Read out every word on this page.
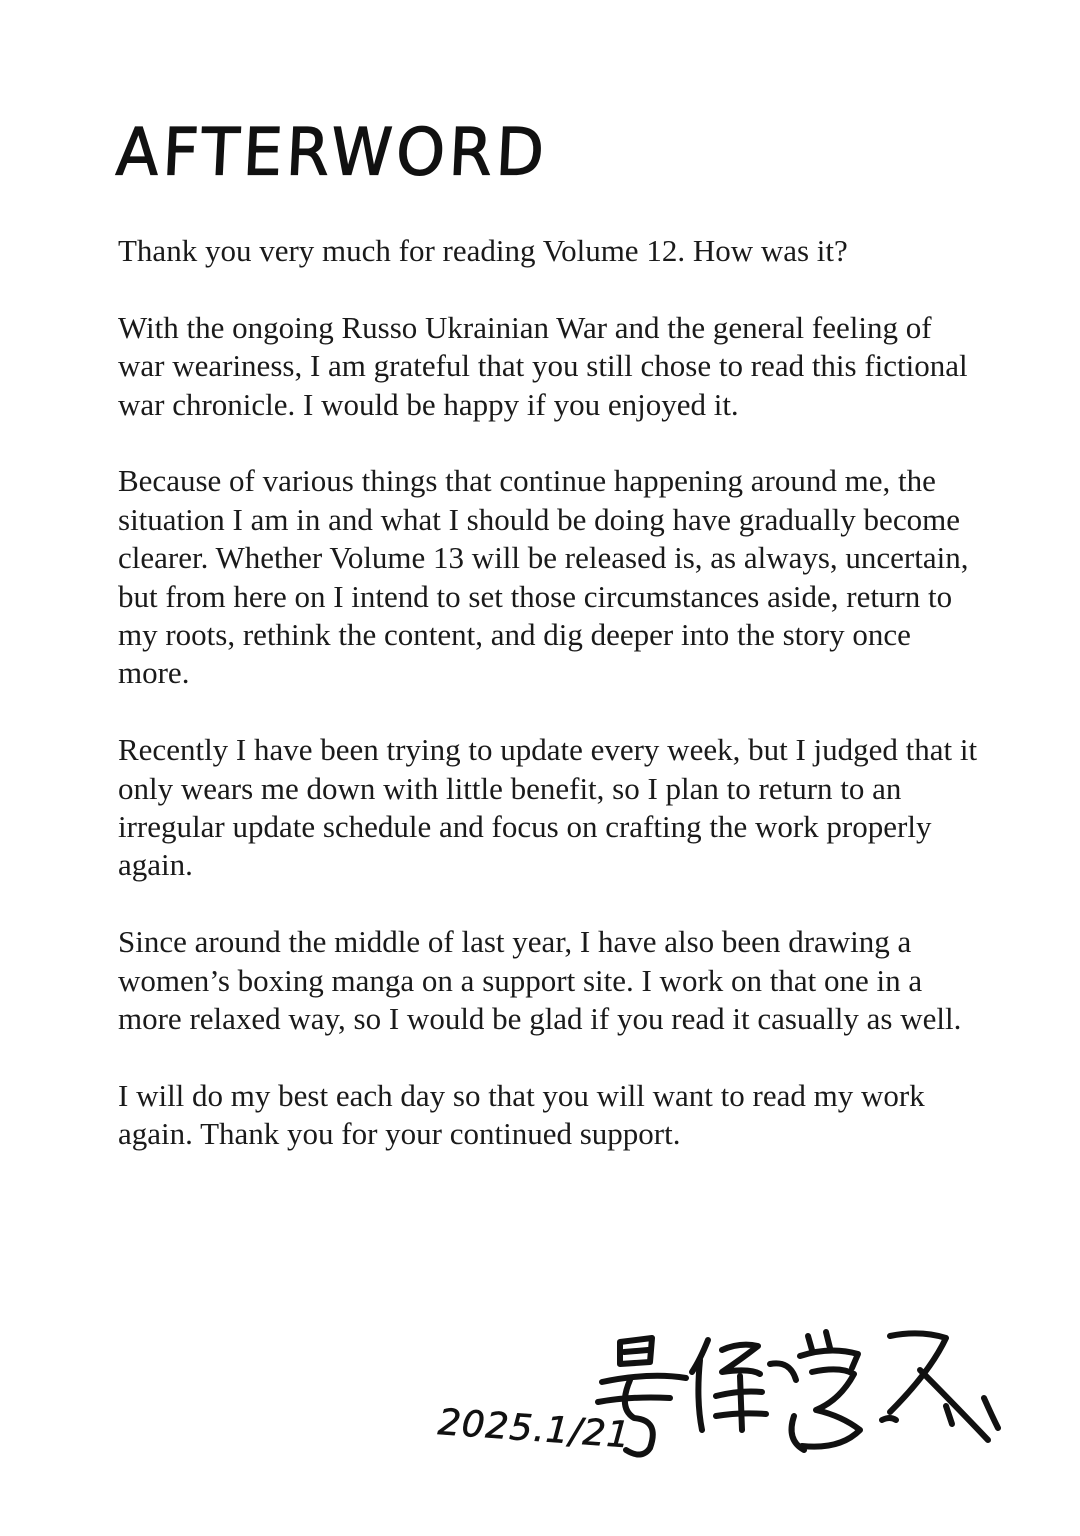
AFTERWORD

Thank you very much for reading Volume 12. How was it?

With the ongoing Russo Ukrainian War and the general feeling of war weariness, I am grateful that you still chose to read this fictional war chronicle. I would be happy if you enjoyed it.

Because of various things that continue happening around me, the situation I am in and what I should be doing have gradually become clearer. Whether Volume 13 will be released is, as always, uncertain, but from here on I intend to set those circumstances aside, return to my roots, rethink the content, and dig deeper into the story once more.

Recently I have been trying to update every week, but I judged that it only wears me down with little benefit, so I plan to return to an irregular update schedule and focus on crafting the work properly again.

Since around the middle of last year, I have also been drawing a women’s boxing manga on a support site. I work on that one in a more relaxed way, so I would be glad if you read it casually as well.

I will do my best each day so that you will want to read my work again. Thank you for your continued support.

2025.1/21
